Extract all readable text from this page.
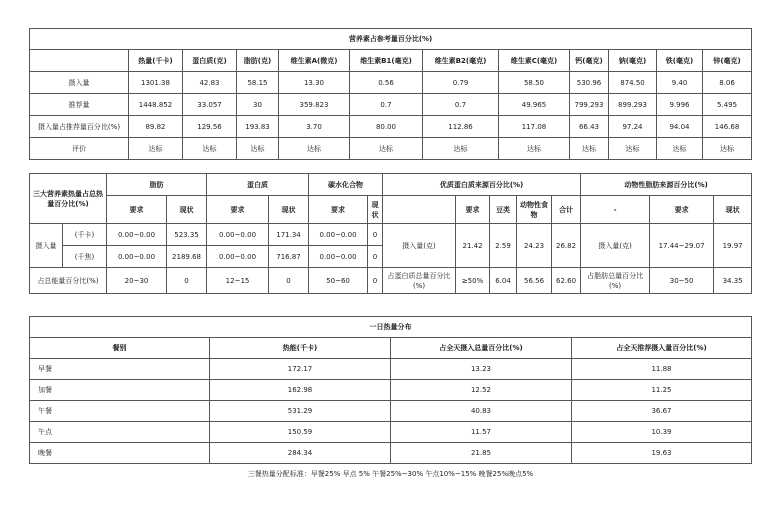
营养素占参考量百分比(%)											
	热量(千卡)	蛋白质(克)	脂肪(克)	维生素A(微克)	维生素B1(毫克)	维生素B2(毫克)	维生素C(毫克)	钙(毫克)	钠(毫克)	铁(毫克)	锌(毫克)
摄入量	1301.38	42.83	58.15	13.30	0.56	0.79	58.50	530.96	874.50	9.40	8.06
推荐量	1448.852	33.057	30	359.823	0.7	0.7	49.965	799.293	899.293	9.996	5.495
摄入量占推荐量百分比(%)	89.82	129.56	193.83	3.70	80.00	112.86	117.08	66.43	97.24	94.04	146.68
评价	达标	达标	达标	达标	达标	达标	达标	达标	达标	达标	达标
三大营养素热量占总热量百分比(%)		脂肪		蛋白质		碳水化合物		优质蛋白质来源百分比(%)					动物性脂肪来源百分比(%)		
		要求	现状	要求	现状	要求	现状		要求	豆类	动物性食物	合计	-	要求	现状
摄入量	(千卡)	0.00~0.00	523.35	0.00~0.00	171.34	0.00~0.00	0	摄入量(克)	21.42	2.59	24.23	26.82	摄入量(克)	17.44~29.07	19.97
	(千焦)	0.00~0.00	2189.68	0.00~0.00	716.87	0.00~0.00	0								
占总能量百分比(%)		20~30	0	12~15	0	50~60	0	占蛋白质总量百分比(%)	≥50%	6.04	56.56	62.60	占脂肪总量百分比(%)	30~50	34.35
一日热量分布			
餐别	热能(千卡)	占全天摄入总量百分比(%)	占全天推荐摄入量百分比(%)
早餐	172.17	13.23	11.88
加餐	162.98	12.52	11.25
午餐	531.29	40.83	36.67
午点	150.59	11.57	10.39
晚餐	284.34	21.85	19.63
三餐热量分配标准：早餐25% 早点 5% 午餐25%~30% 午点10%~15% 晚餐25%晚点5%			
